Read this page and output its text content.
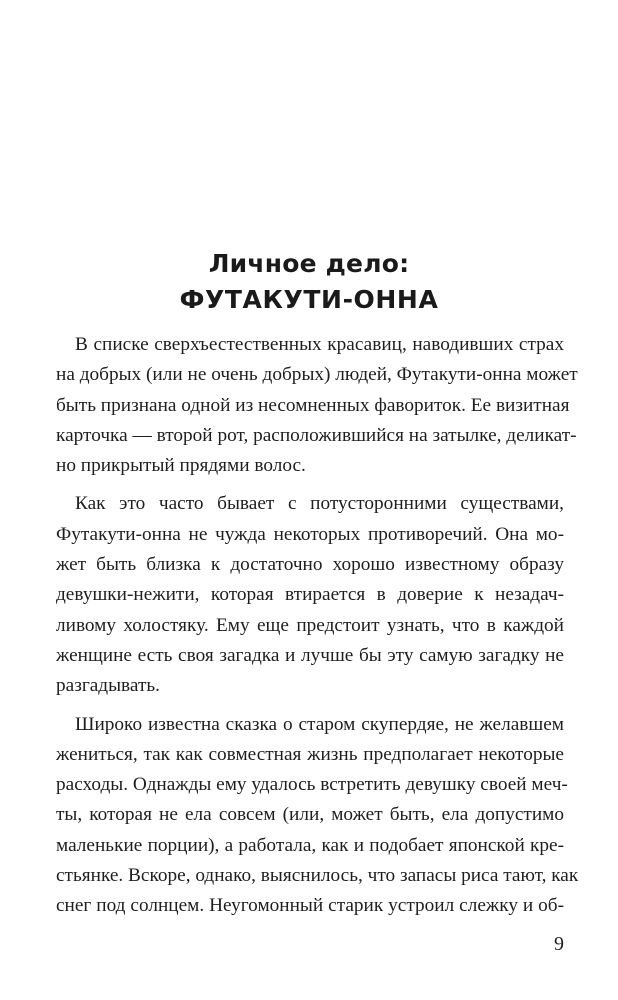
Личное дело:
ФУТАКУТИ-ОННА
В списке сверхъестественных красавиц, наводивших страх
на добрых (или не очень добрых) людей, Футакути-онна может
быть признана одной из несомненных фавориток. Ее визитная
карточка — второй рот, расположившийся на затылке, деликат-
но прикрытый прядями волос.
Как это часто бывает с потусторонними существами,
Футакути-онна не чужда некоторых противоречий. Она мо-
жет быть близка к достаточно хорошо известному образу
девушки-нежити, которая втирается в доверие к незадач-
ливому холостяку. Ему еще предстоит узнать, что в каждой
женщине есть своя загадка и лучше бы эту самую загадку не
разгадывать.
Широко известна сказка о старом скупердяе, не желавшем
жениться, так как совместная жизнь предполагает некоторые
расходы. Однажды ему удалось встретить девушку своей меч-
ты, которая не ела совсем (или, может быть, ела допустимо
маленькие порции), а работала, как и подобает японской кре-
стьянке. Вскоре, однако, выяснилось, что запасы риса тают, как
снег под солнцем. Неугомонный старик устроил слежку и об-
9
